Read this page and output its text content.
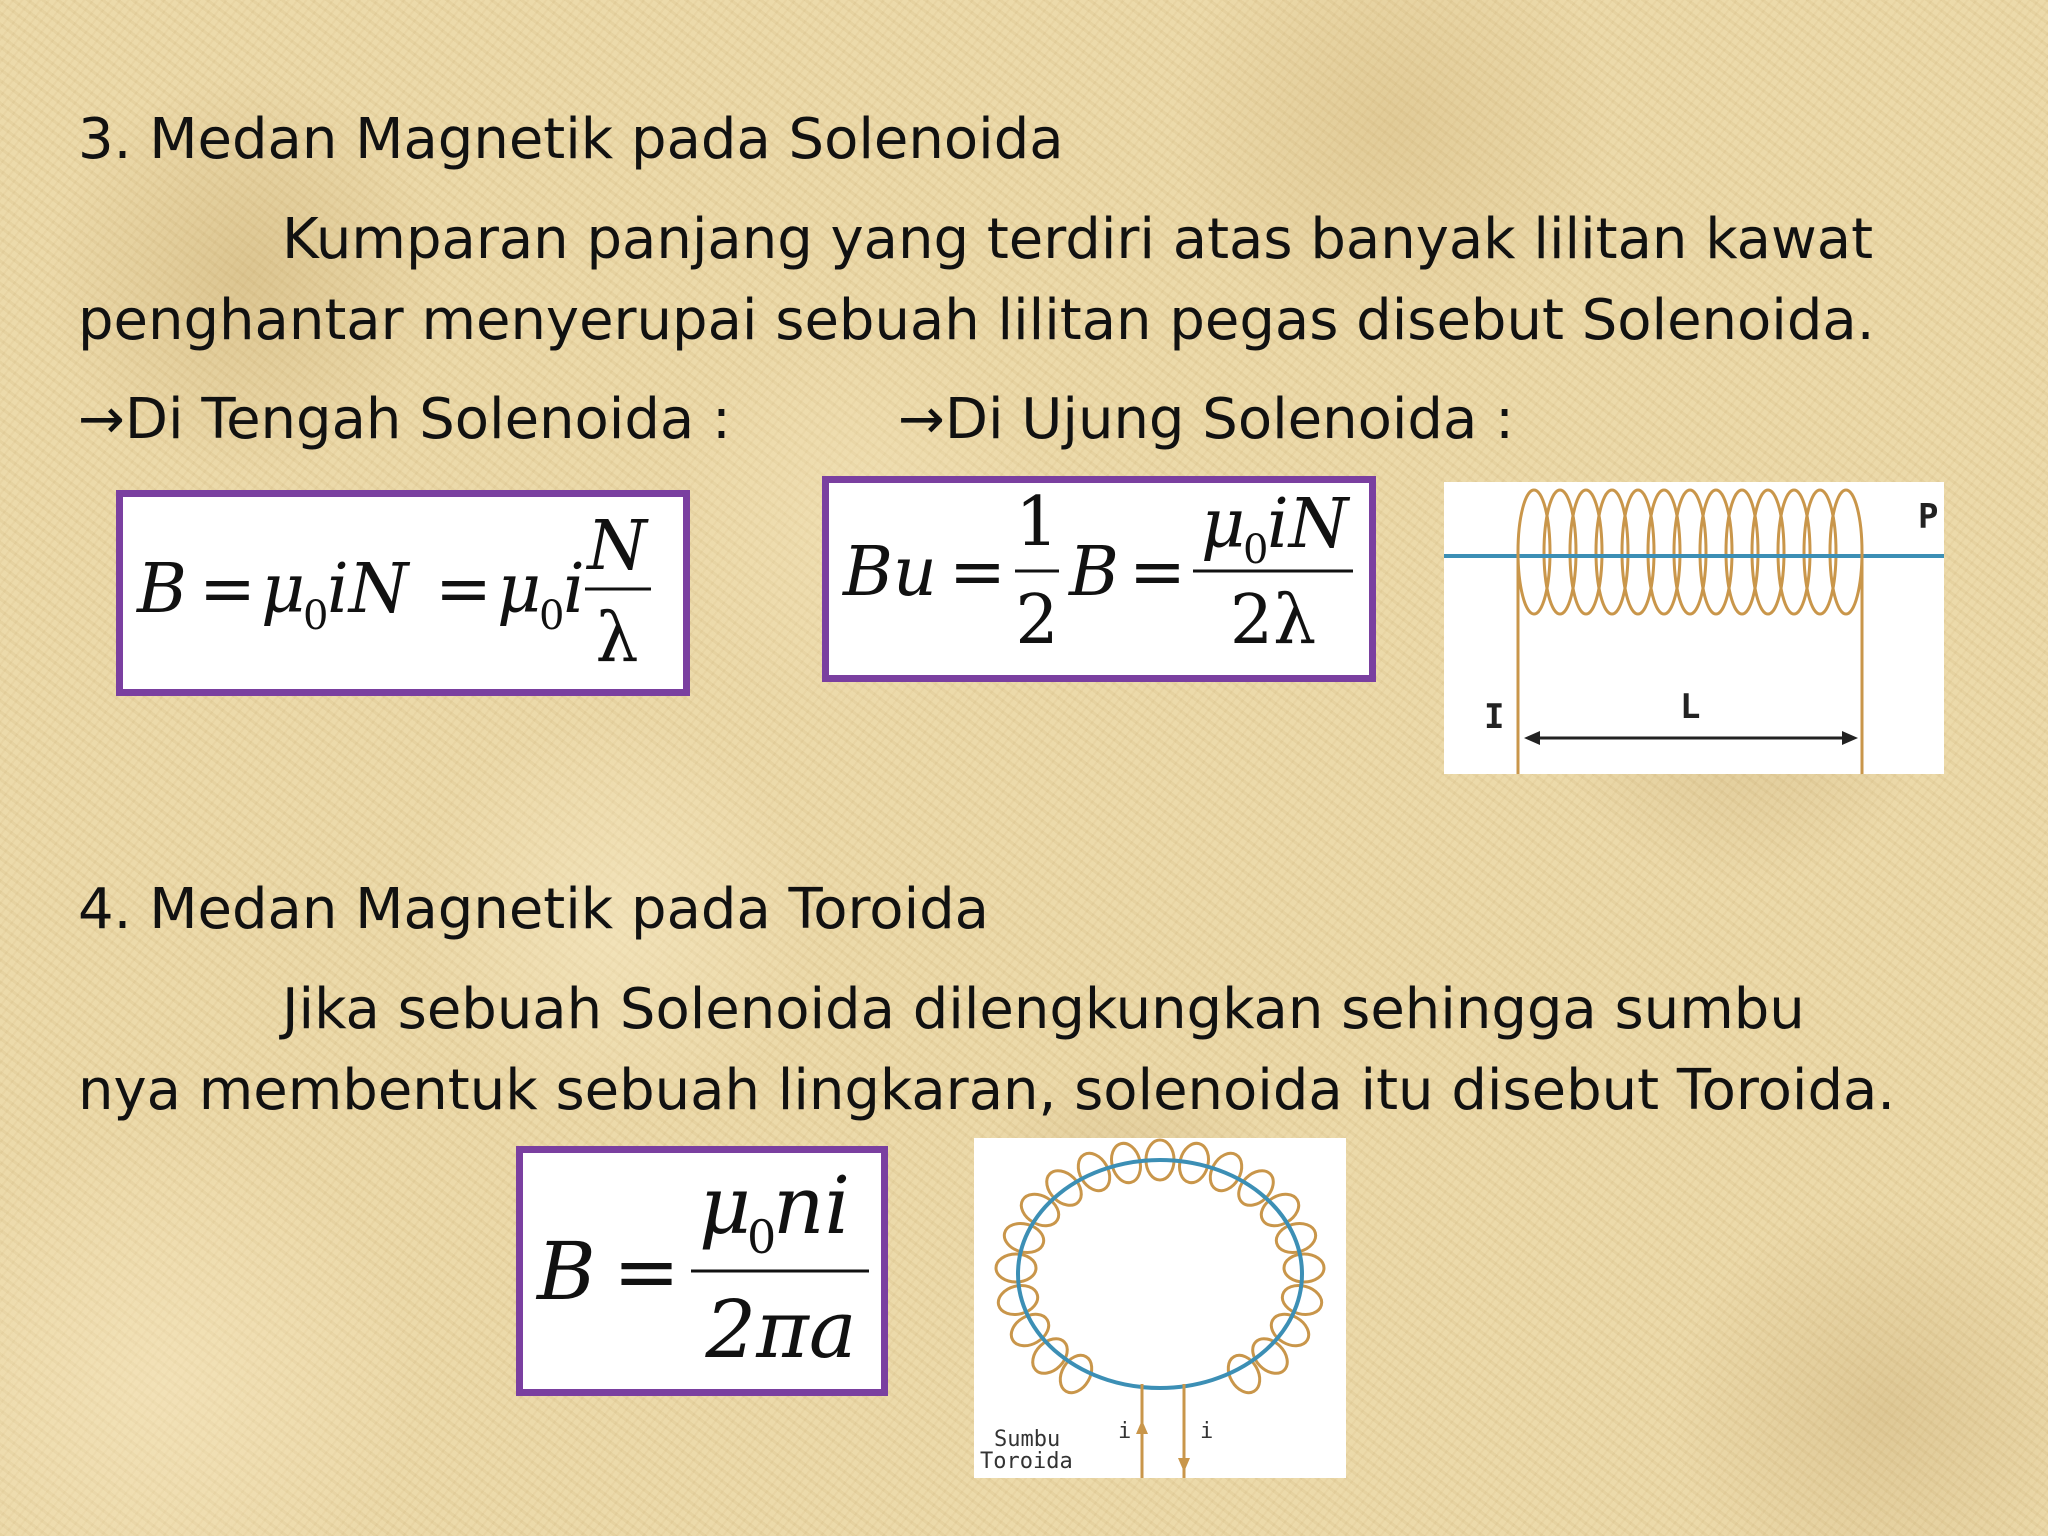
3. Medan Magnetik pada Solenoida

Kumparan panjang yang terdiri atas banyak lilitan kawat

penghantar menyerupai sebuah lilitan pegas disebut Solenoida.

→Di Tengah Solenoida :	→Di Ujung Solenoida :
B = μ
0
iN = μ
0
i
N
λ
Bu =
1
2
B =
μ
0
iN
2λ
P
I	L
4. Medan Magnetik pada Toroida

Jika sebuah Solenoida dilengkungkan sehingga sumbu

nya membentuk sebuah lingkaran, solenoida itu disebut Toroida.

B =
μ
0
ni
2πa
Sumbu
Toroida
i	i
